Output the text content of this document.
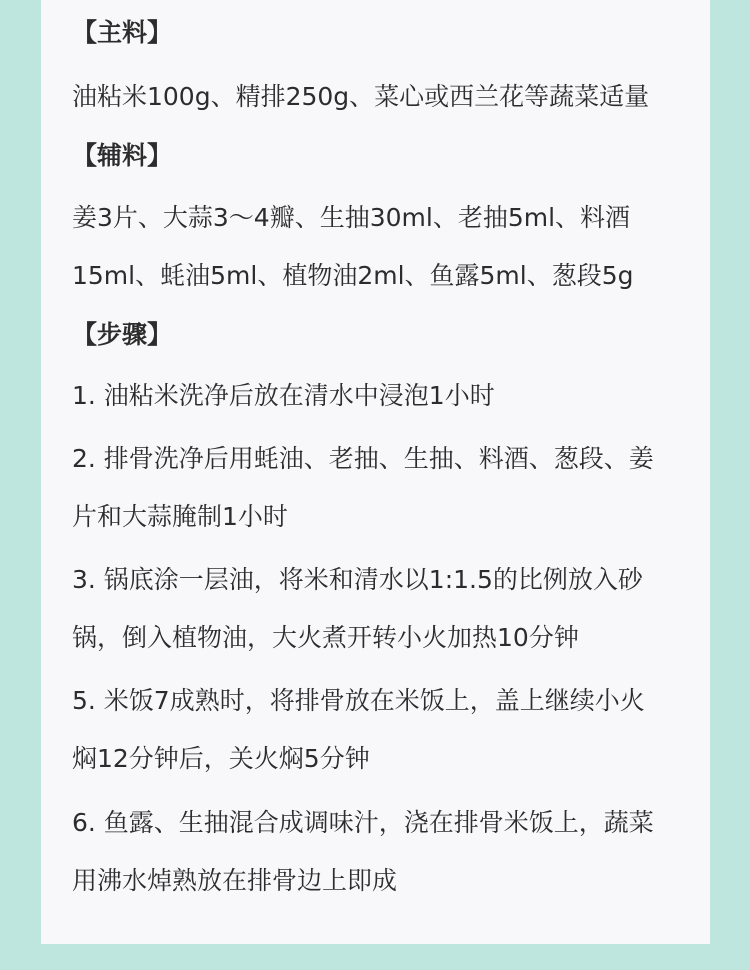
【主料】
油粘米100g、精排250g、菜心或西兰花等蔬菜适量
【辅料】
姜3片、大蒜3～4瓣、生抽30ml、老抽5ml、料酒
15ml、蚝油5ml、植物油2ml、鱼露5ml、葱段5g
【步骤】
1. 油粘米洗净后放在清水中浸泡1小时
2. 排骨洗净后用蚝油、老抽、生抽、料酒、葱段、姜
片和大蒜腌制1小时
3. 锅底涂一层油，将米和清水以1:1.5的比例放入砂
锅，倒入植物油，大火煮开转小火加热10分钟
5. 米饭7成熟时，将排骨放在米饭上，盖上继续小火
焖12分钟后，关火焖5分钟
6. 鱼露、生抽混合成调味汁，浇在排骨米饭上，蔬菜
用沸水焯熟放在排骨边上即成
